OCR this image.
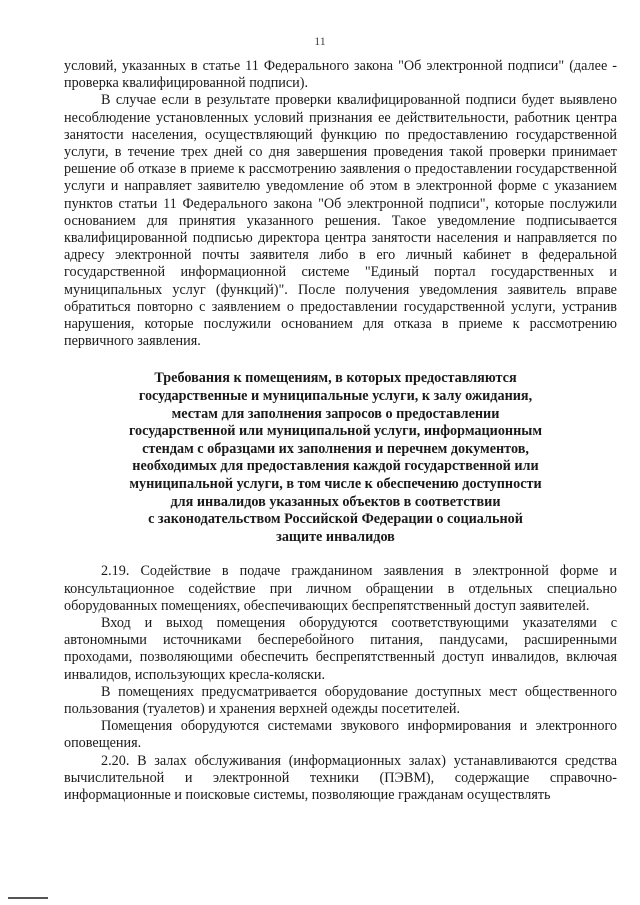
11

условий, указанных в статье 11 Федерального закона "Об электронной подписи" (далее - проверка квалифицированной подписи).

В случае если в результате проверки квалифицированной подписи будет выявлено несоблюдение установленных условий признания ее действительности, работник центра занятости населения, осуществляющий функцию по предоставлению государственной услуги, в течение трех дней со дня завершения проведения такой проверки принимает решение об отказе в приеме к рассмотрению заявления о предоставлении государственной услуги и направляет заявителю уведомление об этом в электронной форме с указанием пунктов статьи 11 Федерального закона "Об электронной подписи", которые послужили основанием для принятия указанного решения. Такое уведомление подписывается квалифицированной подписью директора центра занятости населения и направляется по адресу электронной почты заявителя либо в его личный кабинет в федеральной государственной информационной системе "Единый портал государственных и муниципальных услуг (функций)". После получения уведомления заявитель вправе обратиться повторно с заявлением о предоставлении государственной услуги, устранив нарушения, которые послужили основанием для отказа в приеме к рассмотрению первичного заявления.

Требования к помещениям, в которых предоставляются
государственные и муниципальные услуги, к залу ожидания,
местам для заполнения запросов о предоставлении
государственной или муниципальной услуги, информационным
стендам с образцами их заполнения и перечнем документов,
необходимых для предоставления каждой государственной или
муниципальной услуги, в том числе к обеспечению доступности
для инвалидов указанных объектов в соответствии
с законодательством Российской Федерации о социальной
защите инвалидов

2.19. Содействие в подаче гражданином заявления в электронной форме и консультационное содействие при личном обращении в отдельных специально оборудованных помещениях, обеспечивающих беспрепятственный доступ заявителей.

Вход и выход помещения оборудуются соответствующими указателями с автономными источниками бесперебойного питания, пандусами, расширенными проходами, позволяющими обеспечить беспрепятственный доступ инвалидов, включая инвалидов, использующих кресла-коляски.

В помещениях предусматривается оборудование доступных мест общественного пользования (туалетов) и хранения верхней одежды посетителей.

Помещения оборудуются системами звукового информирования и электронного оповещения.

2.20. В залах обслуживания (информационных залах) устанавливаются средства вычислительной и электронной техники (ПЭВМ), содержащие справочно-информационные и поисковые системы, позволяющие гражданам осуществлять
